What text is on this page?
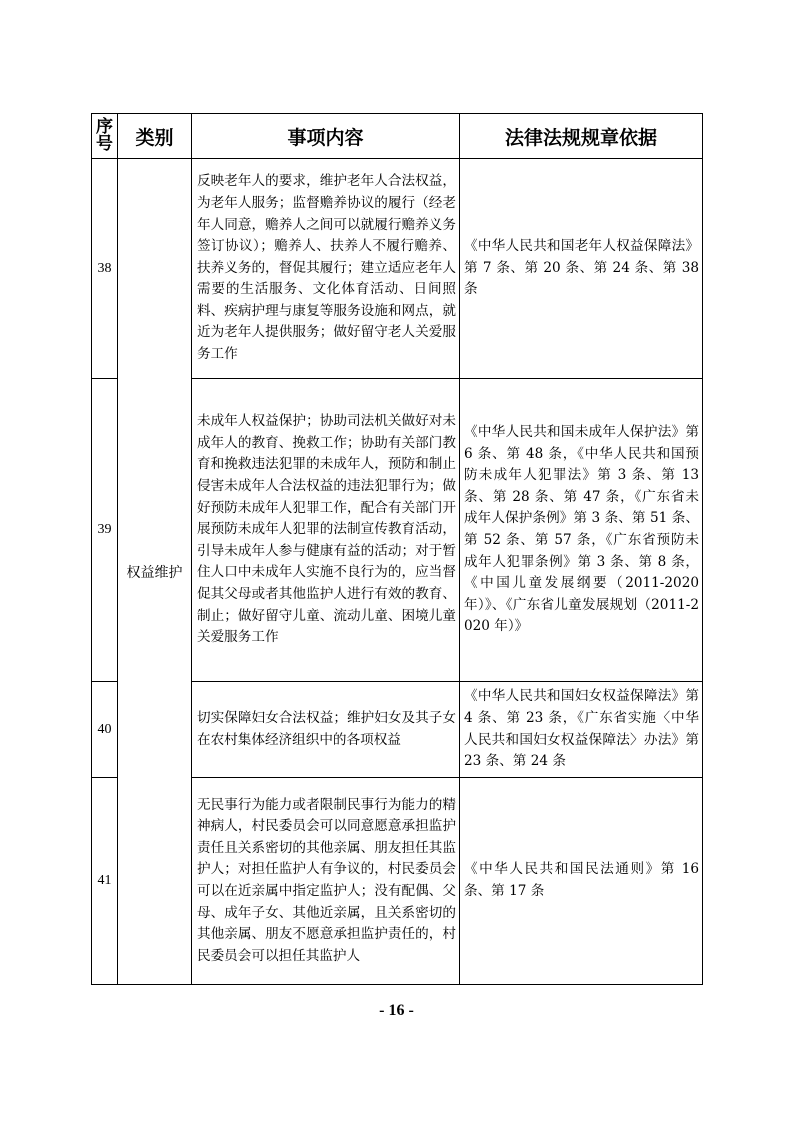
序号	类别	事项内容	法律法规规章依据
38	权益维护	反映老年人的要求，维护老年人合法权益，为老年人服务；监督赡养协议的履行（经老年人同意，赡养人之间可以就履行赡养义务签订协议）；赡养人、扶养人不履行赡养、扶养义务的，督促其履行；建立适应老年人需要的生活服务、文化体育活动、日间照料、疾病护理与康复等服务设施和网点，就近为老年人提供服务；做好留守老人关爱服务工作	《中华人民共和国老年人权益保障法》第 7 条、第 20 条、第 24 条、第 38 条
39		未成年人权益保护；协助司法机关做好对未成年人的教育、挽救工作；协助有关部门教育和挽救违法犯罪的未成年人，预防和制止侵害未成年人合法权益的违法犯罪行为；做好预防未成年人犯罪工作，配合有关部门开展预防未成年人犯罪的法制宣传教育活动，引导未成年人参与健康有益的活动；对于暂住人口中未成年人实施不良行为的，应当督促其父母或者其他监护人进行有效的教育、制止；做好留守儿童、流动儿童、困境儿童关爱服务工作	《中华人民共和国未成年人保护法》第 6 条、第 48 条，《中华人民共和国预防未成年人犯罪法》第 3 条、第 13 条、第 28 条、第 47 条，《广东省未成年人保护条例》第 3 条、第 51 条、第 52 条、第 57 条，《广东省预防未成年人犯罪条例》第 3 条、第 8 条，《中国儿童发展纲要（2011-2020 年）》、《广东省儿童发展规划（2011-2020 年）》
40		切实保障妇女合法权益；维护妇女及其子女在农村集体经济组织中的各项权益	《中华人民共和国妇女权益保障法》第 4 条、第 23 条，《广东省实施〈中华人民共和国妇女权益保障法〉办法》第 23 条、第 24 条
41		无民事行为能力或者限制民事行为能力的精神病人，村民委员会可以同意愿意承担监护责任且关系密切的其他亲属、朋友担任其监护人；对担任监护人有争议的，村民委员会可以在近亲属中指定监护人；没有配偶、父母、成年子女、其他近亲属，且关系密切的其他亲属、朋友不愿意承担监护责任的，村民委员会可以担任其监护人	《中华人民共和国民法通则》第 16 条、第 17 条
- 16 -
